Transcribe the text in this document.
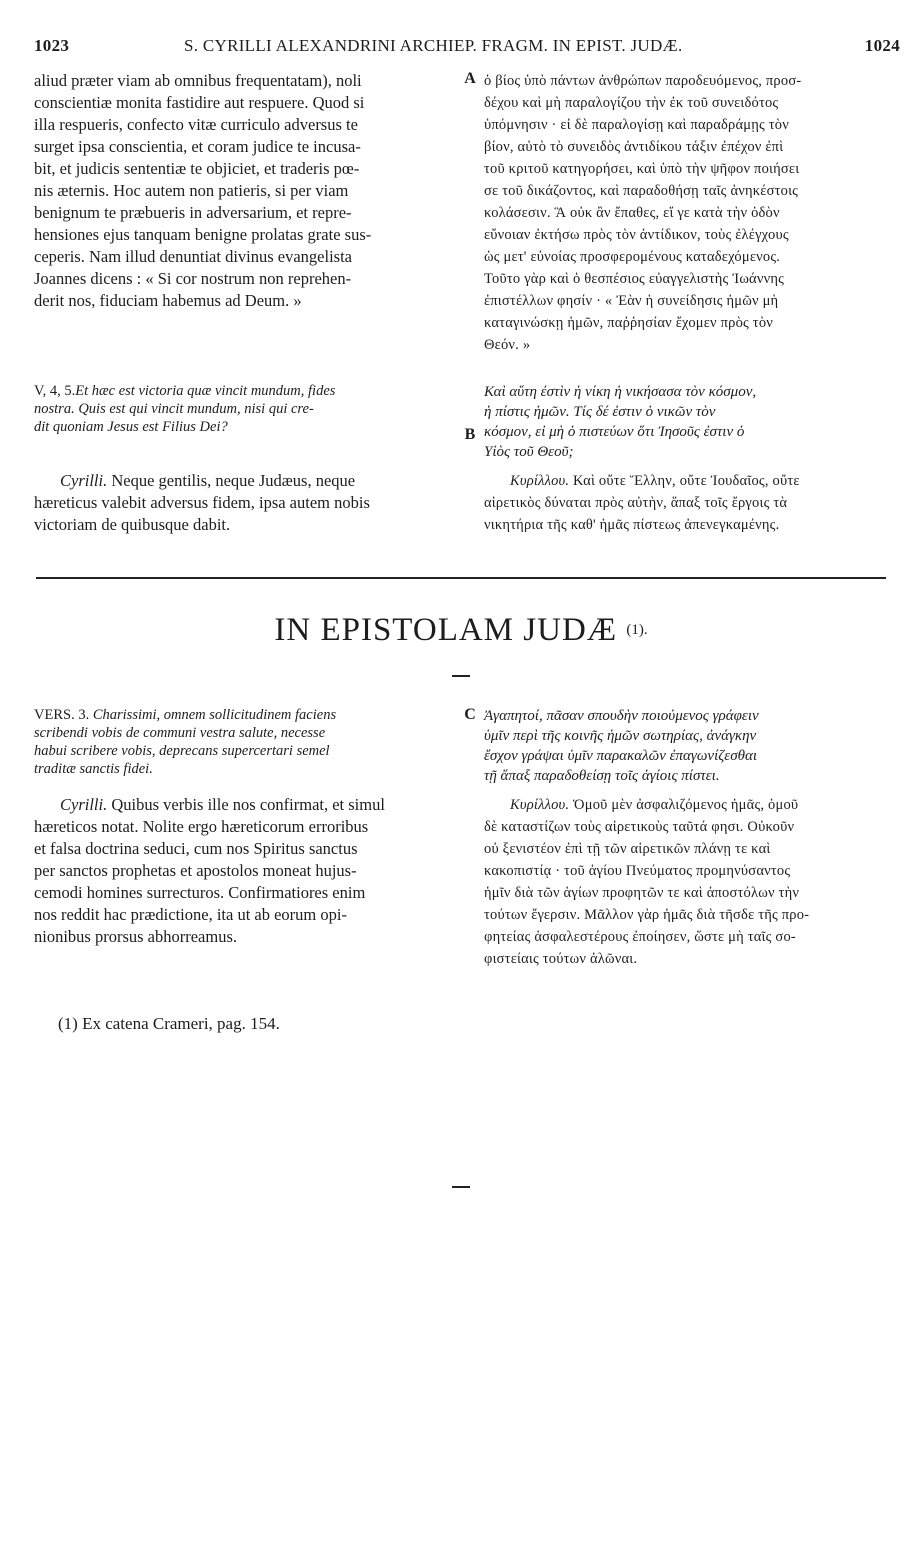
1023	S. CYRILLI ALEXANDRINI ARCHIEP. FRAGM. IN EPIST. JUDÆ.	1024

aliud præter viam ab omnibus frequentatam), noli

conscientiæ monita fastidire aut respuere. Quod si

illa respueris, confecto vitæ curriculo adversus te

surget ipsa conscientia, et coram judice te incusa-

bit, et judicis sententiæ te objiciet, et traderis pœ-

nis æternis. Hoc autem non patieris, si per viam

benignum te præbueris in adversarium, et repre-

hensiones ejus tanquam benigne prolatas grate sus-

ceperis. Nam illud denuntiat divinus evangelista

Joannes dicens : « Si cor nostrum non reprehen-

derit nos, fiduciam habemus ad Deum. »

A ὁ βίος ὑπὸ πάντων ἀνθρώπων παροδευόμενος, προσ-

δέχου καὶ μὴ παραλογίζου τὴν ἐκ τοῦ συνειδότος

ὑπόμνησιν · εἰ δὲ παραλογίσῃ καὶ παραδράμῃς τὸν

βίον, αὐτὸ τὸ συνειδὸς ἀντιδίκου τάξιν ἐπέχον ἐπὶ

τοῦ κριτοῦ κατηγορήσει, καὶ ὑπὸ τὴν ψῆφον ποιήσει

σε τοῦ δικάζοντος, καὶ παραδοθήσῃ ταῖς ἀνηκέστοις

κολάσεσιν. Ἃ οὐκ ἂν ἔπαθες, εἴ γε κατὰ τὴν ὁδὸν

εὔνοιαν ἐκτήσω πρὸς τὸν ἀντίδικον, τοὺς ἐλέγχους

ὡς μετ' εὐνοίας προσφερομένους καταδεχόμενος.

Τοῦτο γὰρ καὶ ὁ θεσπέσιος εὐαγγελιστὴς Ἰωάννης

ἐπιστέλλων φησίν · « Ἐὰν ἡ συνείδησις ἡμῶν μὴ

καταγινώσκῃ ἡμῶν, παῤῥησίαν ἔχομεν πρὸς τὸν

Θεόν. »

V, 4, 5.Et hæc est victoria quæ vincit mundum, fides

nostra. Quis est qui vincit mundum, nisi qui cre-

dit quoniam Jesus est Filius Dei?	B

Καὶ αὕτη ἐστὶν ἡ νίκη ἡ νικήσασα τὸν κόσμον,

ἡ πίστις ἡμῶν. Τίς δέ ἐστιν ὁ νικῶν τὸν

κόσμον, εἰ μὴ ὁ πιστεύων ὅτι Ἰησοῦς ἐστιν ὁ

Υἱὸς τοῦ Θεοῦ;

Cyrilli. Neque gentilis, neque Judæus, neque

hæreticus valebit adversus fidem, ipsa autem nobis

victoriam de quibusque dabit.

Κυρίλλου. Καὶ οὔτε Ἕλλην, οὔτε Ἰουδαῖος, οὔτε

αἱρετικὸς δύναται πρὸς αὐτὴν, ἅπαξ τοῖς ἔργοις τὰ

νικητήρια τῆς καθ' ἡμᾶς πίστεως ἀπενεγκαμένης.

IN EPISTOLAM JUDÆ $^{(1).}$

VERS. 3. Charissimi, omnem sollicitudinem faciens

scribendi vobis de communi vestra salute, necesse

habui scribere vobis, deprecans supercertari semel

traditæ sanctis fidei.

C Ἀγαπητοί, πᾶσαν σπουδὴν ποιούμενος γράφειν

ὑμῖν περὶ τῆς κοινῆς ἡμῶν σωτηρίας, ἀνάγκην

ἔσχον γράψαι ὑμῖν παρακαλῶν ἐπαγωνίζεσθαι

τῇ ἅπαξ παραδοθείσῃ τοῖς ἁγίοις πίστει.

Cyrilli. Quibus verbis ille nos confirmat, et simul

hæreticos notat. Nolite ergo hæreticorum erroribus

et falsa doctrina seduci, cum nos Spiritus sanctus

per sanctos prophetas et apostolos moneat hujus-

cemodi homines surrecturos. Confirmatiores enim

nos reddit hac prædictione, ita ut ab eorum opi-

nionibus prorsus abhorreamus.

Κυρίλλου. Ὁμοῦ μὲν ἀσφαλιζόμενος ἡμᾶς, ὁμοῦ

δὲ καταστίζων τοὺς αἱρετικοὺς ταῦτά φησι. Οὐκοῦν

οὐ ξενιστέον ἐπὶ τῇ τῶν αἱρετικῶν πλάνῃ τε καὶ

κακοπιστίᾳ · τοῦ ἁγίου Πνεύματος προμηνύσαντος

ἡμῖν διὰ τῶν ἁγίων προφητῶν τε καὶ ἀποστόλων τὴν

τούτων ἔγερσιν. Μᾶλλον γὰρ ἡμᾶς διὰ τῆσδε τῆς προ-

φητείας ἀσφαλεστέρους ἐποίησεν, ὥστε μὴ ταῖς σο-

φιστείαις τούτων ἁλῶναι.

(1) Ex catena Crameri, pag. 154.
